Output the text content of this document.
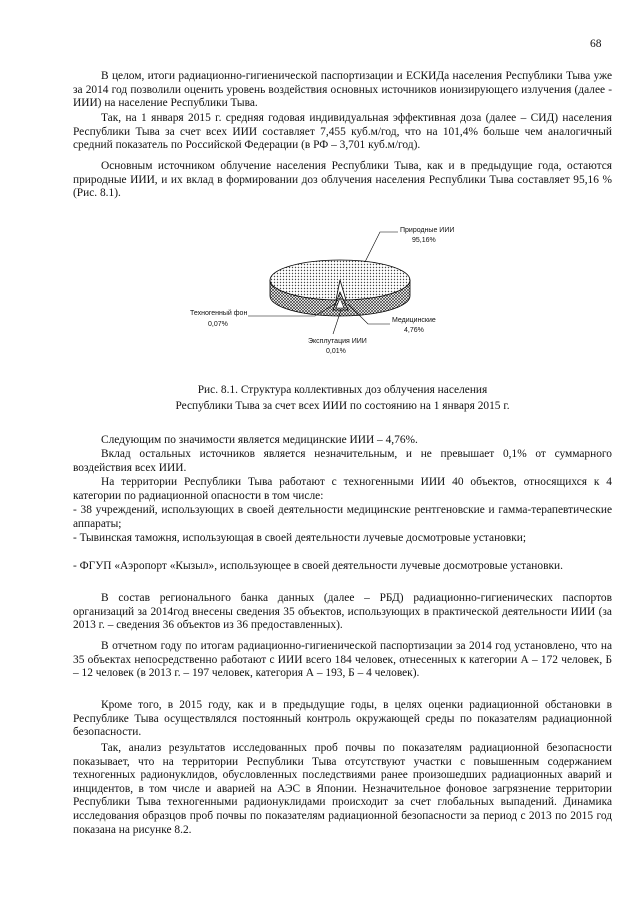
68

В целом, итоги радиационно-гигиенической паспортизации и ЕСКИДа населения Республики Тыва уже за 2014 год позволили оценить уровень воздействия основных источников ионизирующего излучения (далее - ИИИ) на население Республики Тыва.

Так, на 1 января 2015 г. средняя годовая индивидуальная эффективная доза (далее – СИД) населения Республики Тыва за счет всех ИИИ составляет 7,455 куб.м/год, что на 101,4% больше чем аналогичный средний показатель по Российской Федерации (в РФ – 3,701 куб.м/год).

Основным источником облучение населения Республики Тыва, как и в предыдущие года, остаются природные ИИИ, и их вклад в формировании доз облучения населения Республики Тыва составляет 95,16 % (Рис. 8.1).

Природные ИИИ
95,16%
Техногенный фон
0,07%
Медицинские
4,76%
Эксплутация ИИИ
0,01%
Рис. 8.1. Структура коллективных доз облучения населения
Республики Тыва за счет всех ИИИ по состоянию на 1 января 2015 г.

Следующим по значимости является медицинские ИИИ – 4,76%.

Вклад остальных источников является незначительным, и не превышает 0,1% от суммарного воздействия всех ИИИ.

На территории Республики Тыва работают с техногенными ИИИ 40 объектов, относящихся к 4 категории по радиационной опасности в том числе:

- 38 учреждений, использующих в своей деятельности медицинские рентгеновские и гамма-терапевтические аппараты;

- Тывинская таможня, использующая в своей деятельности лучевые досмотровые установки;

- ФГУП «Аэропорт «Кызыл», использующее в своей деятельности лучевые досмотровые установки.

В состав регионального банка данных (далее – РБД) радиационно-гигиенических паспортов организаций за 2014год внесены сведения 35 объектов, использующих в практической деятельности ИИИ (за 2013 г. – сведения 36 объектов из 36 предоставленных).

В отчетном году по итогам радиационно-гигиенической паспортизации за 2014 год установлено, что на 35 объектах непосредственно работают с ИИИ всего 184 человек, отнесенных к категории А – 172 человек, Б – 12 человек (в 2013 г. – 197 человек, категория А – 193, Б – 4 человек).

Кроме того, в 2015 году, как и в предыдущие годы, в целях оценки радиационной обстановки в Республике Тыва осуществлялся постоянный контроль окружающей среды по показателям радиационной безопасности.

Так, анализ результатов исследованных проб почвы по показателям радиационной безопасности показывает, что на территории Республики Тыва отсутствуют участки с повышенным содержанием техногенных радионуклидов, обусловленных последствиями ранее произошедших радиационных аварий и инцидентов, в том числе и аварией на АЭС в Японии. Незначительное фоновое загрязнение территории Республики Тыва техногенными радионуклидами происходит за счет глобальных выпадений. Динамика исследования образцов проб почвы по показателям радиационной безопасности за период с 2013 по 2015 год показана на рисунке 8.2.
